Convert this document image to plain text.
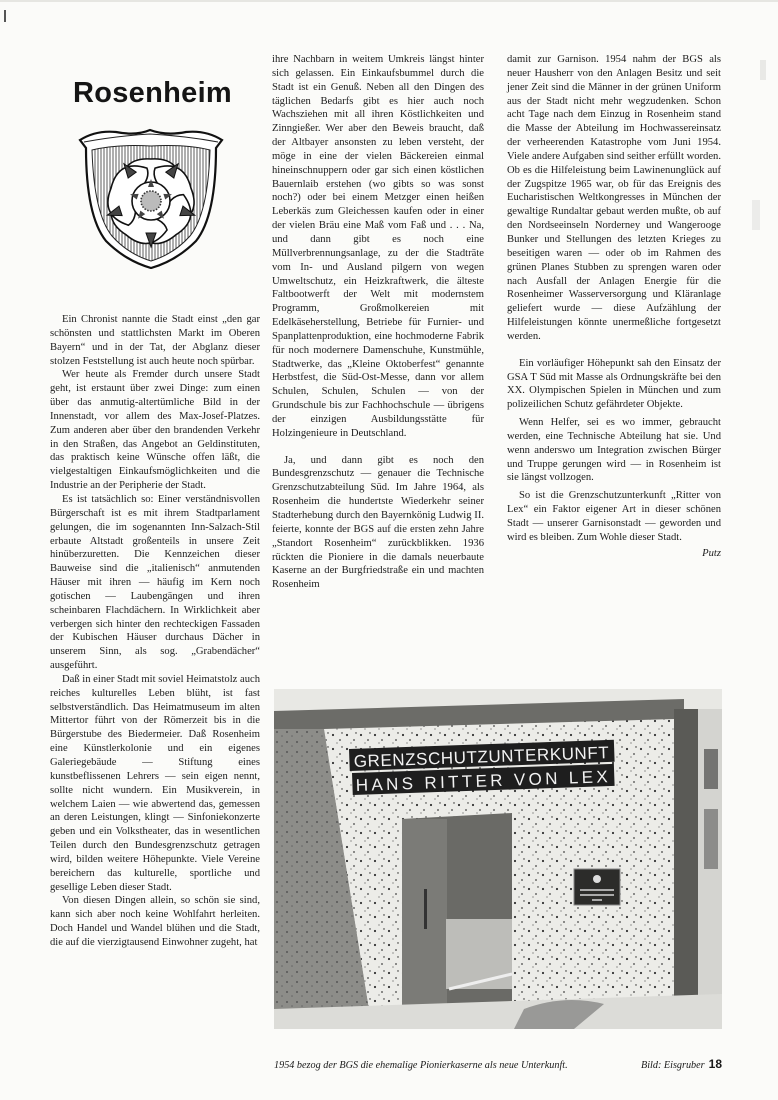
Rosenheim

Ein Chronist nannte die Stadt einst „den gar schönsten und stattlichsten Markt im Oberen Bayern“ und in der Tat, der Abglanz dieser stolzen Feststellung ist auch heute noch spürbar.

Wer heute als Fremder durch unsere Stadt geht, ist erstaunt über zwei Dinge: zum einen über das anmutig-altertümliche Bild in der Innenstadt, vor allem des Max-Josef-Platzes. Zum anderen aber über den brandenden Verkehr in den Straßen, das Angebot an Geldinstituten, das praktisch keine Wünsche offen läßt, die vielgestaltigen Einkaufsmöglichkeiten und die Industrie an der Peripherie der Stadt.

Es ist tatsächlich so: Einer verständnisvollen Bürgerschaft ist es mit ihrem Stadtparlament gelungen, die im sogenannten Inn-Salzach-Stil erbaute Altstadt großenteils in unsere Zeit hinüberzuretten. Die Kennzeichen dieser Bauweise sind die „italienisch“ anmutenden Häuser mit ihren — häufig im Kern noch gotischen — Laubengängen und ihren scheinbaren Flachdächern. In Wirklichkeit aber verbergen sich hinter den rechteckigen Fassaden der Kubischen Häuser durchaus Dächer in unserem Sinn, als sog. „Grabendächer“ ausgeführt.

Daß in einer Stadt mit soviel Heimatstolz auch reiches kulturelles Leben blüht, ist fast selbstverständlich. Das Heimatmuseum im alten Mittertor führt von der Römerzeit bis in die Bürgerstube des Biedermeier. Daß Rosenheim eine Künstlerkolonie und ein eigenes Galeriegebäude — Stiftung eines kunstbeflissenen Lehrers — sein eigen nennt, sollte nicht wundern. Ein Musikverein, in welchem Laien — wie abwertend das, gemessen an deren Leistungen, klingt — Sinfoniekonzerte geben und ein Volkstheater, das in wesentlichen Teilen durch den Bundesgrenzschutz getragen wird, bilden weitere Höhepunkte. Viele Vereine bereichern das kulturelle, sportliche und gesellige Leben dieser Stadt.

Von diesen Dingen allein, so schön sie sind, kann sich aber noch keine Wohlfahrt herleiten. Doch Handel und Wandel blühen und die Stadt, die auf die vierzigtausend Einwohner zugeht, hat

ihre Nachbarn in weitem Umkreis längst hinter sich gelassen. Ein Einkaufsbummel durch die Stadt ist ein Genuß. Neben all den Dingen des täglichen Bedarfs gibt es hier auch noch Wachsziehen mit all ihren Köstlichkeiten und Zinngießer. Wer aber den Beweis braucht, daß der Altbayer ansonsten zu leben versteht, der möge in eine der vielen Bäckereien einmal hineinschnuppern oder gar sich einen köstlichen Bauernlaib erstehen (wo gibts so was sonst noch?) oder bei einem Metzger einen heißen Leberkäs zum Gleichessen kaufen oder in einer der vielen Bräu eine Maß vom Faß und . . . Na, und dann gibt es noch eine Müllverbrennungsanlage, zu der die Stadträte vom In- und Ausland pilgern von wegen Umweltschutz, ein Heizkraftwerk, die älteste Faltbootwerft der Welt mit modernstem Programm, Großmolkereien mit Edelkäseherstellung, Betriebe für Furnier- und Spanplattenproduktion, eine hochmoderne Fabrik für noch modernere Damenschuhe, Kunstmühle, Stadtwerke, das „Kleine Oktoberfest“ genannte Herbstfest, die Süd-Ost-Messe, dann vor allem Schulen, Schulen, Schulen — von der Grundschule bis zur Fachhochschule — übrigens der einzigen Ausbildungsstätte für Holzingenieure in Deutschland.

Ja, und dann gibt es noch den Bundesgrenzschutz — genauer die Technische Grenzschutzabteilung Süd. Im Jahre 1964, als Rosenheim die hundertste Wiederkehr seiner Stadterhebung durch den Bayernkönig Ludwig II. feierte, konnte der BGS auf die ersten zehn Jahre „Standort Rosenheim“ zurückblikken. 1936 rückten die Pioniere in die damals neuerbaute Kaserne an der Burgfriedstraße ein und machten Rosenheim

damit zur Garnison. 1954 nahm der BGS als neuer Hausherr von den Anlagen Besitz und seit jener Zeit sind die Männer in der grünen Uniform aus der Stadt nicht mehr wegzudenken. Schon acht Tage nach dem Einzug in Rosenheim stand die Masse der Abteilung im Hochwassereinsatz der verheerenden Katastrophe vom Juni 1954. Viele andere Aufgaben sind seither erfüllt worden. Ob es die Hilfeleistung beim Lawinenunglück auf der Zugspitze 1965 war, ob für das Ereignis des Eucharistischen Weltkongresses in München der gewaltige Rundaltar gebaut werden mußte, ob auf den Nordseeinseln Norderney und Wangerooge Bunker und Stellungen des letzten Krieges zu beseitigen waren — oder ob im Rahmen des grünen Planes Stubben zu sprengen waren oder nach Ausfall der Anlagen Energie für die Rosenheimer Wasserversorgung und Kläranlage geliefert wurde — diese Aufzählung der Hilfeleistungen könnte unermeßliche fortgesetzt werden.

Ein vorläufiger Höhepunkt sah den Einsatz der GSA T Süd mit Masse als Ordnungskräfte bei den XX. Olympischen Spielen in München und zum polizeilichen Schutz gefährdeter Objekte.

Wenn Helfer, sei es wo immer, gebraucht werden, eine Technische Abteilung hat sie. Und wenn anderswo um Integration zwischen Bürger und Truppe gerungen wird — in Rosenheim ist sie längst vollzogen.

So ist die Grenzschutzunterkunft „Ritter von Lex“ ein Faktor eigener Art in dieser schönen Stadt — unserer Garnisonstadt — geworden und wird es bleiben. Zum Wohle dieser Stadt.

Putz
GRENZSCHUTZUNTERKUNFT
HANS RITTER VON LEX
1954 bezog der BGS die ehemalige Pionierkaserne als neue Unterkunft.	Bild: Eisgruber 18
